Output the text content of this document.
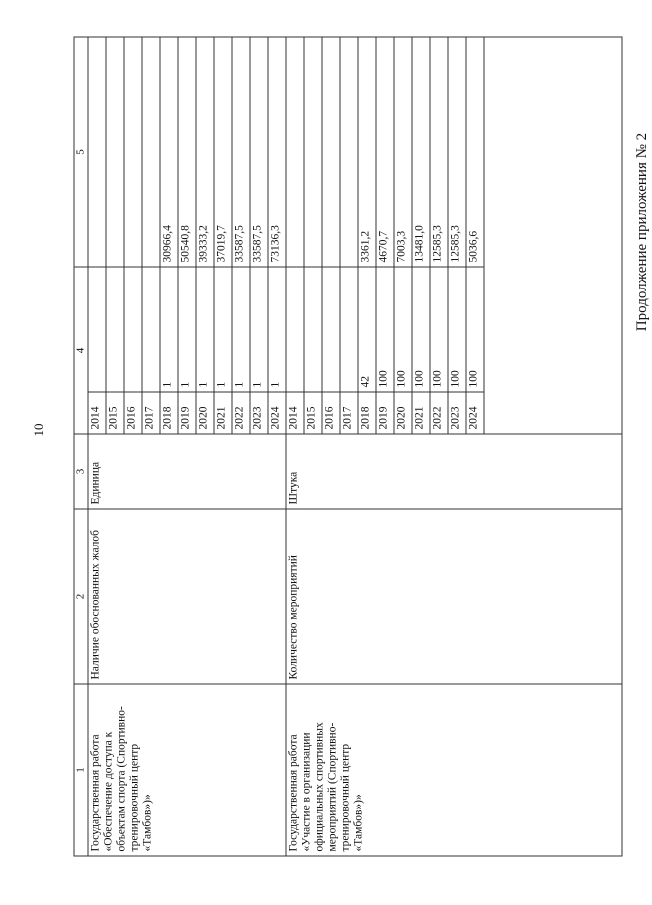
10
Продолжение приложения № 2
1	2	3	4		5
Государственная работа «Обеспечение доступа к объектам спорта (Спортивно-тренировочный центр «Тамбов»)»	Наличие обоснованных жалоб	Единица	2014		
			2015		
			2016		
			2017		
			2018	1	30966,4
			2019	1	50540,8
			2020	1	39333,2
			2021	1	37019,7
			2022	1	33587,5
			2023	1	33587,5
			2024	1	73136,3
Государственная работа «Участие в организации официальных спортивных мероприятий (Спортивно-тренировочный центр «Тамбов»)»	Количество мероприятий	Штука	2014		
			2015		
			2016		
			2017		
			2018	42	3361,2
			2019	100	4670,7
			2020	100	7003,3
			2021	100	13481,0
			2022	100	12585,3
			2023	100	12585,3
			2024	100	5036,6
